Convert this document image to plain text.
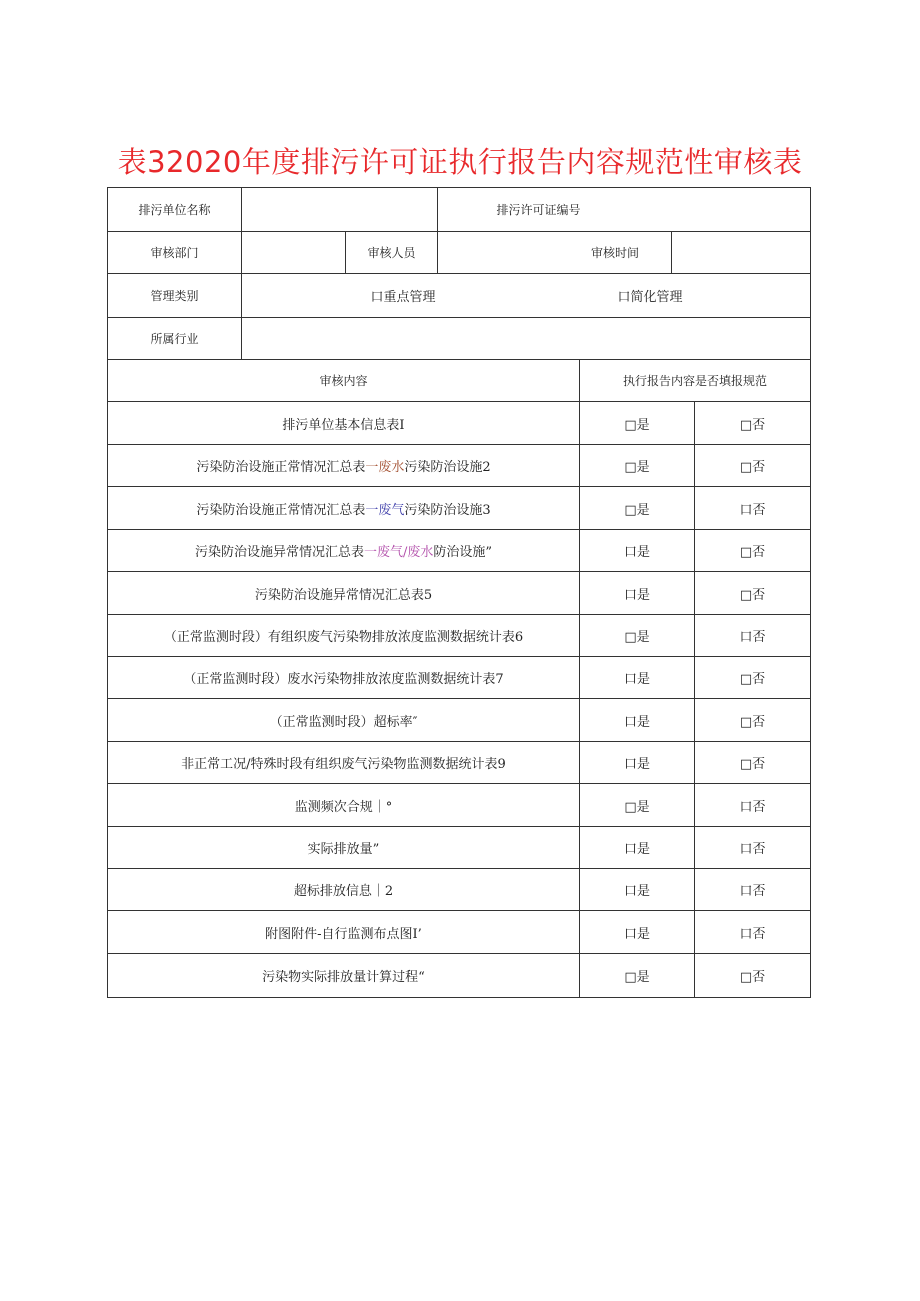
表32020年度排污许可证执行报告内容规范性审核表
排污单位名称	排污许可证编号
审核部门	审核人员	审核时间
管理类别	口重点管理	口简化管理
所属行业
审核内容	执行报告内容是否填报规范
排污单位基本信息表I	□是	□否
污染防治设施正常情况汇总表 一废水 污染防治设施2	□是	□否
污染防治设施正常情况汇总表 一废气 污染防治设施3	□是	口否
污染防治设施异常情况汇总表 一废气/废水 防治设施”	口是	□否
污染防治设施异常情况汇总表5	口是	□否
（正常监测时段）有组织废气污染物排放浓度监测数据统计表6	□是	口否
（正常监测时段）废水污染物排放浓度监测数据统计表7	口是	□否
（正常监测时段）超标率″	口是	□否
非正常工况/特殊时段有组织废气污染物监测数据统计表9	口是	□否
监测频次合规｜°	□是	口否
实际排放量”	口是	口否
超标排放信息｜2	口是	口否
附图附件-自行监测布点图I’	口是	口否
污染物实际排放量计算过程“	□是	□否
